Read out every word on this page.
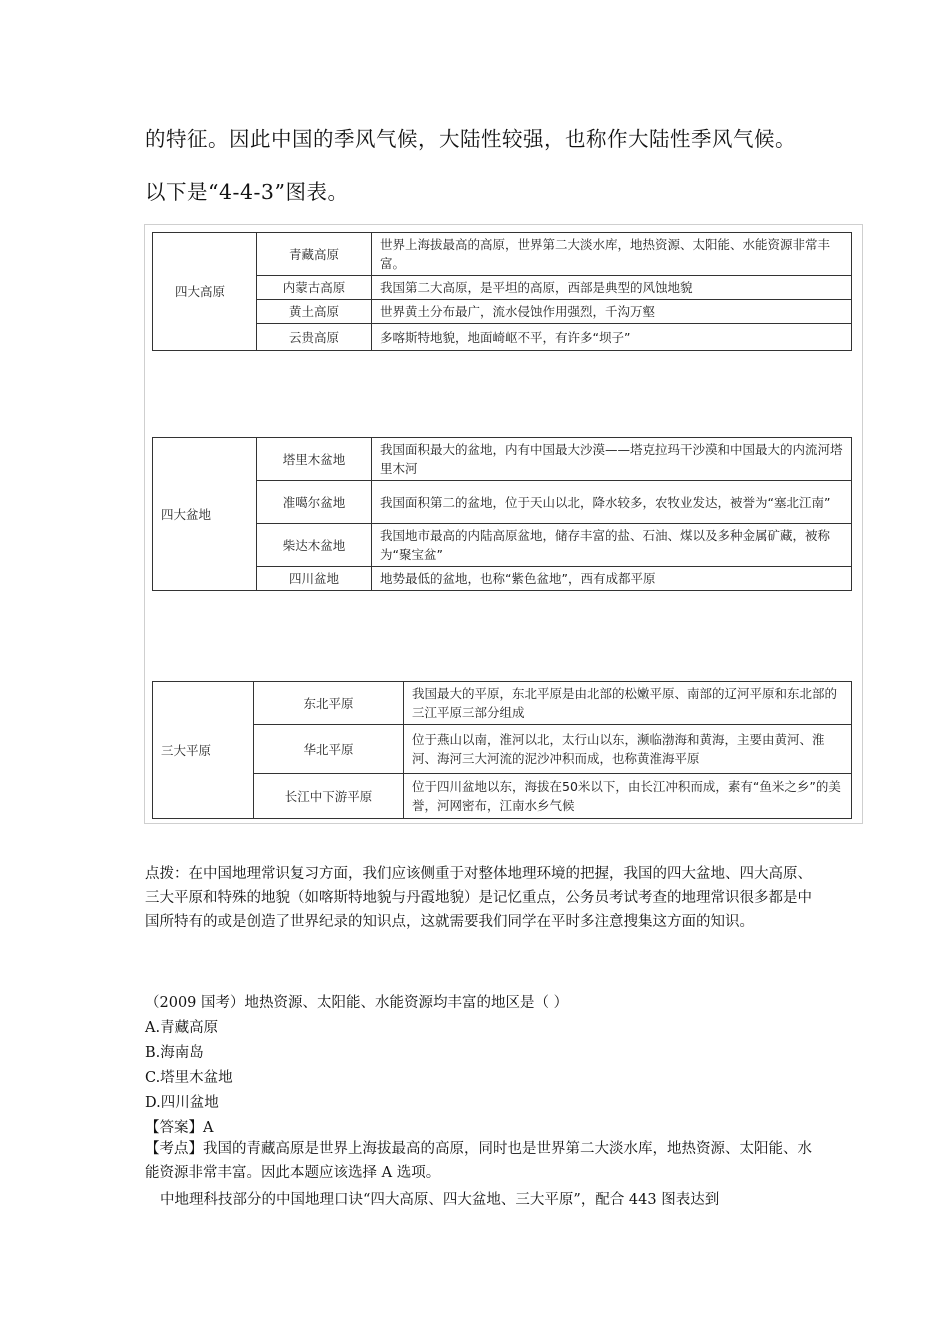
的特征。因此中国的季风气候，大陆性较强，也称作大陆性季风气候。
以下是“4-4-3”图表。
四大高原	青藏高原	世界上海拔最高的高原，世界第二大淡水库，地热资源、太阳能、水能资源非常丰富。
	内蒙古高原	我国第二大高原，是平坦的高原，西部是典型的风蚀地貌
	黄土高原	世界黄土分布最广，流水侵蚀作用强烈，千沟万壑
	云贵高原	多喀斯特地貌，地面崎岖不平，有许多“坝子”
四大盆地	塔里木盆地	我国面积最大的盆地，内有中国最大沙漠——塔克拉玛干沙漠和中国最大的内流河塔里木河
	准噶尔盆地	我国面积第二的盆地，位于天山以北，降水较多，农牧业发达，被誉为“塞北江南”
	柴达木盆地	我国地市最高的内陆高原盆地，储存丰富的盐、石油、煤以及多种金属矿藏，被称为“聚宝盆”
	四川盆地	地势最低的盆地，也称“紫色盆地”，西有成都平原
三大平原	东北平原	我国最大的平原，东北平原是由北部的松嫩平原、南部的辽河平原和东北部的三江平原三部分组成
	华北平原	位于燕山以南，淮河以北，太行山以东，濒临渤海和黄海，主要由黄河、淮河、海河三大河流的泥沙冲积而成，也称黄淮海平原
	长江中下游平原	位于四川盆地以东，海拔在50米以下，由长江冲积而成，素有“鱼米之乡”的美誉，河网密布，江南水乡气候
点拨：在中国地理常识复习方面，我们应该侧重于对整体地理环境的把握，我国的四大盆地、四大高原、三大平原和特殊的地貌（如喀斯特地貌与丹霞地貌）是记忆重点，公务员考试考查的地理常识很多都是中国所特有的或是创造了世界纪录的知识点，这就需要我们同学在平时多注意搜集这方面的知识。
（2009 国考）地热资源、太阳能、水能资源均丰富的地区是（ ）
A.青藏高原
B.海南岛
C.塔里木盆地
D.四川盆地
【答案】A
【考点】我国的青藏高原是世界上海拔最高的高原，同时也是世界第二大淡水库，地热资源、太阳能、水能资源非常丰富。因此本题应该选择 A 选项。
中地理科技部分的中国地理口诀“四大高原、四大盆地、三大平原”，配合 443 图表达到
